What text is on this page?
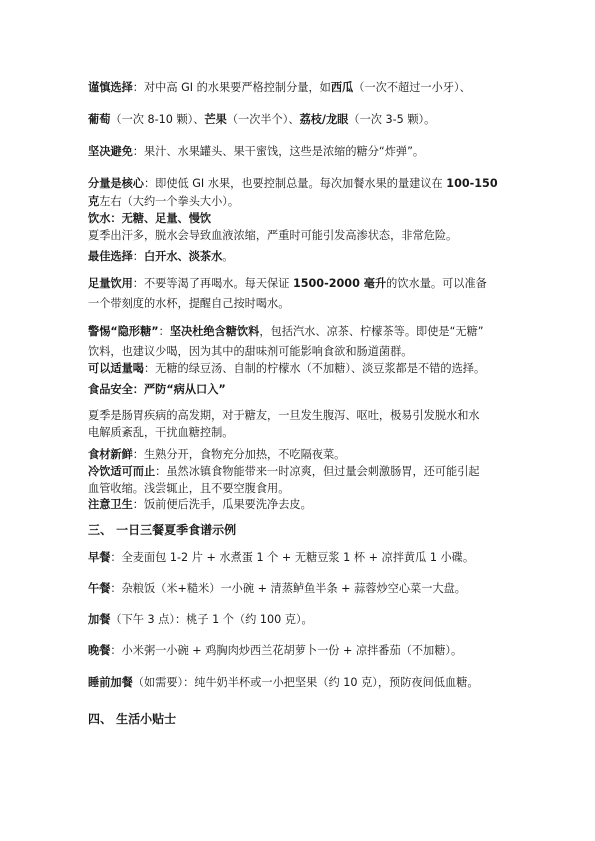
谨慎选择：对中高 GI 的水果要严格控制分量，如西瓜（一次不超过一小牙）、
葡萄（一次 8-10 颗）、芒果（一次半个）、荔枝/龙眼（一次 3-5 颗）。
坚决避免：果汁、水果罐头、果干蜜饯，这些是浓缩的糖分“炸弹”。
分量是核心：即使低 GI 水果，也要控制总量。每次加餐水果的量建议在 100-150
克左右（大约一个拳头大小）。
饮水：无糖、足量、慢饮
夏季出汗多，脱水会导致血液浓缩，严重时可能引发高渗状态，非常危险。
最佳选择：白开水、淡茶水。
足量饮用：不要等渴了再喝水。每天保证 1500-2000 毫升的饮水量。可以准备
一个带刻度的水杯，提醒自己按时喝水。
警惕“隐形糖”：坚决杜绝含糖饮料，包括汽水、凉茶、柠檬茶等。即使是“无糖”
饮料，也建议少喝，因为其中的甜味剂可能影响食欲和肠道菌群。
可以适量喝：无糖的绿豆汤、自制的柠檬水（不加糖）、淡豆浆都是不错的选择。
食品安全：严防“病从口入”
夏季是肠胃疾病的高发期，对于糖友，一旦发生腹泻、呕吐，极易引发脱水和水
电解质紊乱，干扰血糖控制。
食材新鲜：生熟分开，食物充分加热，不吃隔夜菜。
冷饮适可而止：虽然冰镇食物能带来一时凉爽，但过量会刺激肠胃，还可能引起
血管收缩。浅尝辄止，且不要空腹食用。
注意卫生：饭前便后洗手，瓜果要洗净去皮。
三、 一日三餐夏季食谱示例
早餐：全麦面包 1-2 片 + 水煮蛋 1 个 + 无糖豆浆 1 杯 + 凉拌黄瓜 1 小碟。
午餐：杂粮饭（米+糙米）一小碗 + 清蒸鲈鱼半条 + 蒜蓉炒空心菜一大盘。
加餐（下午 3 点）：桃子 1 个（约 100 克）。
晚餐：小米粥一小碗 + 鸡胸肉炒西兰花胡萝卜一份 + 凉拌番茄（不加糖）。
睡前加餐（如需要）：纯牛奶半杯或一小把坚果（约 10 克），预防夜间低血糖。
四、 生活小贴士
